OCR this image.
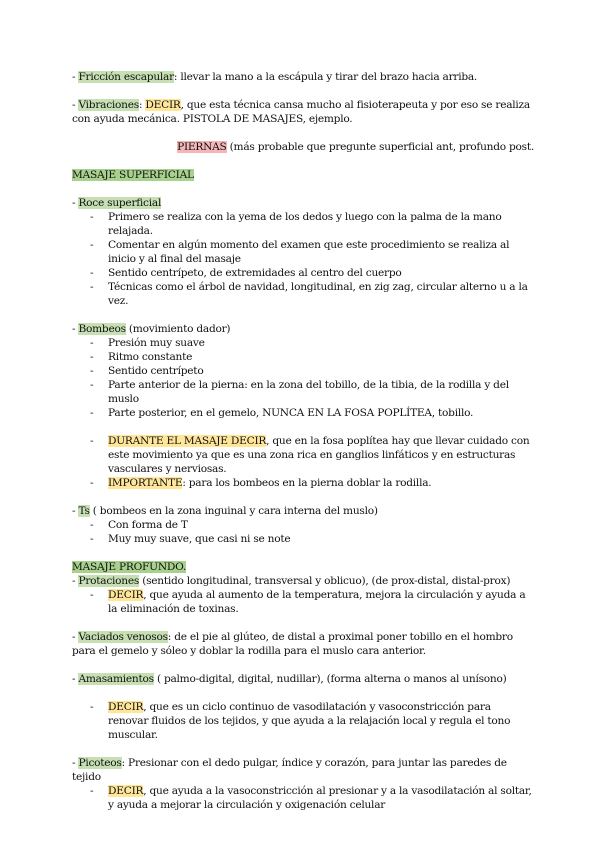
- Fricción escapular: llevar la mano a la escápula y tirar del brazo hacia arriba.

- Vibraciones: DECIR, que esta técnica cansa mucho al fisioterapeuta y por eso se realiza con ayuda mecánica. PISTOLA DE MASAJES, ejemplo.

PIERNAS (más probable que pregunte superficial ant, profundo post.

MASAJE SUPERFICIAL

- Roce superficial

- Primero se realiza con la yema de los dedos y luego con la palma de la mano relajada.
- Comentar en algún momento del examen que este procedimiento se realiza al inicio y al final del masaje
- Sentido centrípeto, de extremidades al centro del cuerpo
- Técnicas como el árbol de navidad, longitudinal, en zig zag, circular alterno u a la vez.

- Bombeos (movimiento dador)

- Presión muy suave
- Ritmo constante
- Sentido centrípeto
- Parte anterior de la pierna: en la zona del tobillo, de la tibia, de la rodilla y del muslo
- Parte posterior, en el gemelo, NUNCA EN LA FOSA POPLÍTEA, tobillo.
- DURANTE EL MASAJE DECIR, que en la fosa poplítea hay que llevar cuidado con este movimiento ya que es una zona rica en ganglios linfáticos y en estructuras vasculares y nerviosas.
- IMPORTANTE: para los bombeos en la pierna doblar la rodilla.

- Ts ( bombeos en la zona inguinal y cara interna del muslo)

- Con forma de T
- Muy muy suave, que casi ni se note

MASAJE PROFUNDO.

- Protaciones (sentido longitudinal, transversal y oblicuo), (de prox-distal, distal-prox)

- DECIR, que ayuda al aumento de la temperatura, mejora la circulación y ayuda a la eliminación de toxinas.

- Vaciados venosos: de el pie al glúteo, de distal a proximal poner tobillo en el hombro para el gemelo y sóleo y doblar la rodilla para el muslo cara anterior.

- Amasamientos ( palmo-digital, digital, nudillar), (forma alterna o manos al unísono)

- DECIR, que es un ciclo continuo de vasodilatación y vasoconstricción para renovar fluidos de los tejidos, y que ayuda a la relajación local y regula el tono muscular.

- Picoteos: Presionar con el dedo pulgar, índice y corazón, para juntar las paredes de tejido

- DECIR, que ayuda a la vasoconstricción al presionar y a la vasodilatación al soltar, y ayuda a mejorar la circulación y oxigenación celular
